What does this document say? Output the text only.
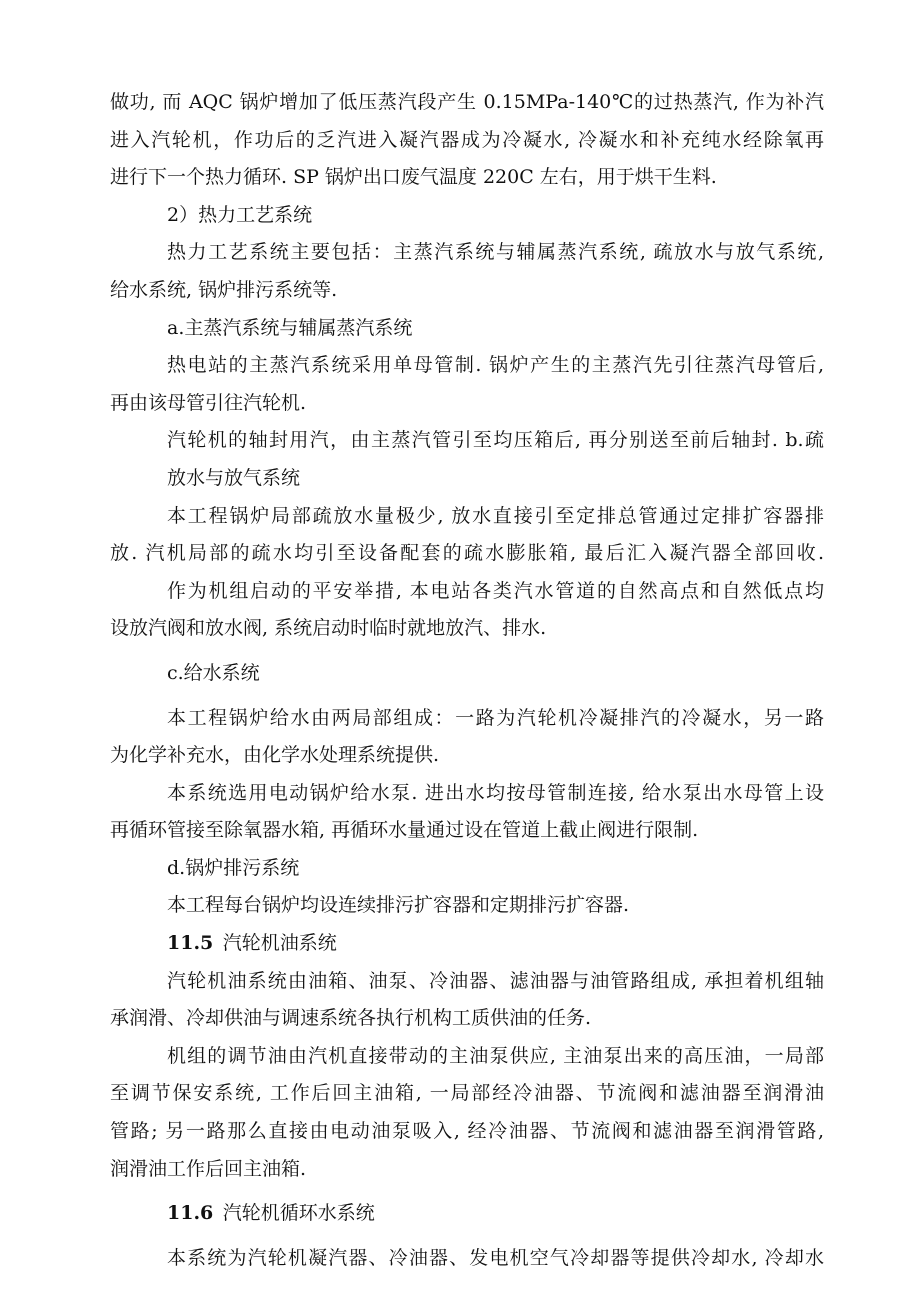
做功, 而 AQC 锅炉增加了低压蒸汽段产生 0.15MPa-140℃的过热蒸汽, 作为补汽
进入汽轮机，作功后的乏汽进入凝汽器成为冷凝水, 冷凝水和补充纯水经除氧再
进行下一个热力循环. SP 锅炉出口废气温度 220C 左右，用于烘干生料.
2）热力工艺系统
热力工艺系统主要包括：主蒸汽系统与辅属蒸汽系统, 疏放水与放气系统,
给水系统, 锅炉排污系统等.
a.主蒸汽系统与辅属蒸汽系统
热电站的主蒸汽系统采用单母管制. 锅炉产生的主蒸汽先引往蒸汽母管后,
再由该母管引往汽轮机.
汽轮机的轴封用汽，由主蒸汽管引至均压箱后, 再分别送至前后轴封. b.疏
放水与放气系统
本工程锅炉局部疏放水量极少, 放水直接引至定排总管通过定排扩容器排
放. 汽机局部的疏水均引至设备配套的疏水膨胀箱, 最后汇入凝汽器全部回收.
作为机组启动的平安举措, 本电站各类汽水管道的自然高点和自然低点均
设放汽阀和放水阀, 系统启动时临时就地放汽、排水.
c.给水系统
本工程锅炉给水由两局部组成：一路为汽轮机冷凝排汽的冷凝水，另一路
为化学补充水，由化学水处理系统提供.
本系统选用电动锅炉给水泵. 进出水均按母管制连接, 给水泵出水母管上设
再循环管接至除氧器水箱, 再循环水量通过设在管道上截止阀进行限制.
d.锅炉排污系统
本工程每台锅炉均设连续排污扩容器和定期排污扩容器.
11.5  汽轮机油系统
汽轮机油系统由油箱、油泵、冷油器、滤油器与油管路组成, 承担着机组轴
承润滑、冷却供油与调速系统各执行机构工质供油的任务.
机组的调节油由汽机直接带动的主油泵供应, 主油泵出来的高压油，一局部
至调节保安系统, 工作后回主油箱, 一局部经冷油器、节流阀和滤油器至润滑油
管路; 另一路那么直接由电动油泵吸入, 经冷油器、节流阀和滤油器至润滑管路,
润滑油工作后回主油箱.
11.6  汽轮机循环水系统
本系统为汽轮机凝汽器、冷油器、发电机空气冷却器等提供冷却水, 冷却水
